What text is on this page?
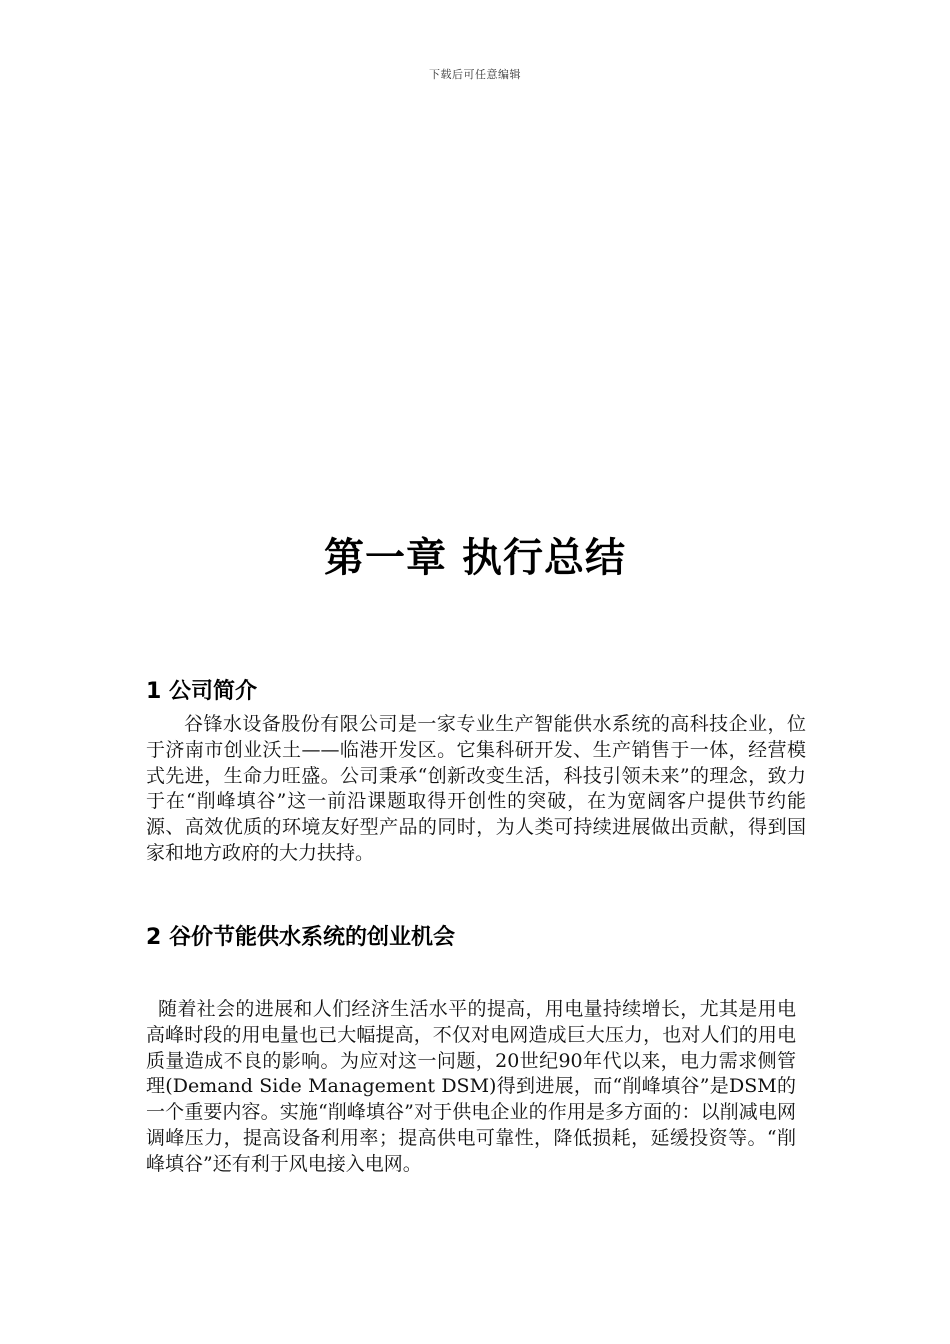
下载后可任意编辑
第一章 执行总结
1 公司简介

谷锋水设备股份有限公司是一家专业生产智能供水系统的高科技企业，位于济南市创业沃土——临港开发区。它集科研开发、生产销售于一体，经营模式先进，生命力旺盛。公司秉承“创新改变生活，科技引领未来”的理念，致力于在“削峰填谷”这一前沿课题取得开创性的突破，在为宽阔客户提供节约能源、高效优质的环境友好型产品的同时，为人类可持续进展做出贡献，得到国家和地方政府的大力扶持。

2 谷价节能供水系统的创业机会

随着社会的进展和人们经济生活水平的提高，用电量持续增长，尤其是用电高峰时段的用电量也已大幅提高，不仅对电网造成巨大压力，也对人们的用电质量造成不良的影响。为应对这一问题，20世纪90年代以来，电力需求侧管理(Demand Side Management DSM)得到进展，而“削峰填谷”是DSM的一个重要内容。实施“削峰填谷”对于供电企业的作用是多方面的：以削减电网调峰压力，提高设备利用率；提高供电可靠性，降低损耗，延缓投资等。“削峰填谷”还有利于风电接入电网。
